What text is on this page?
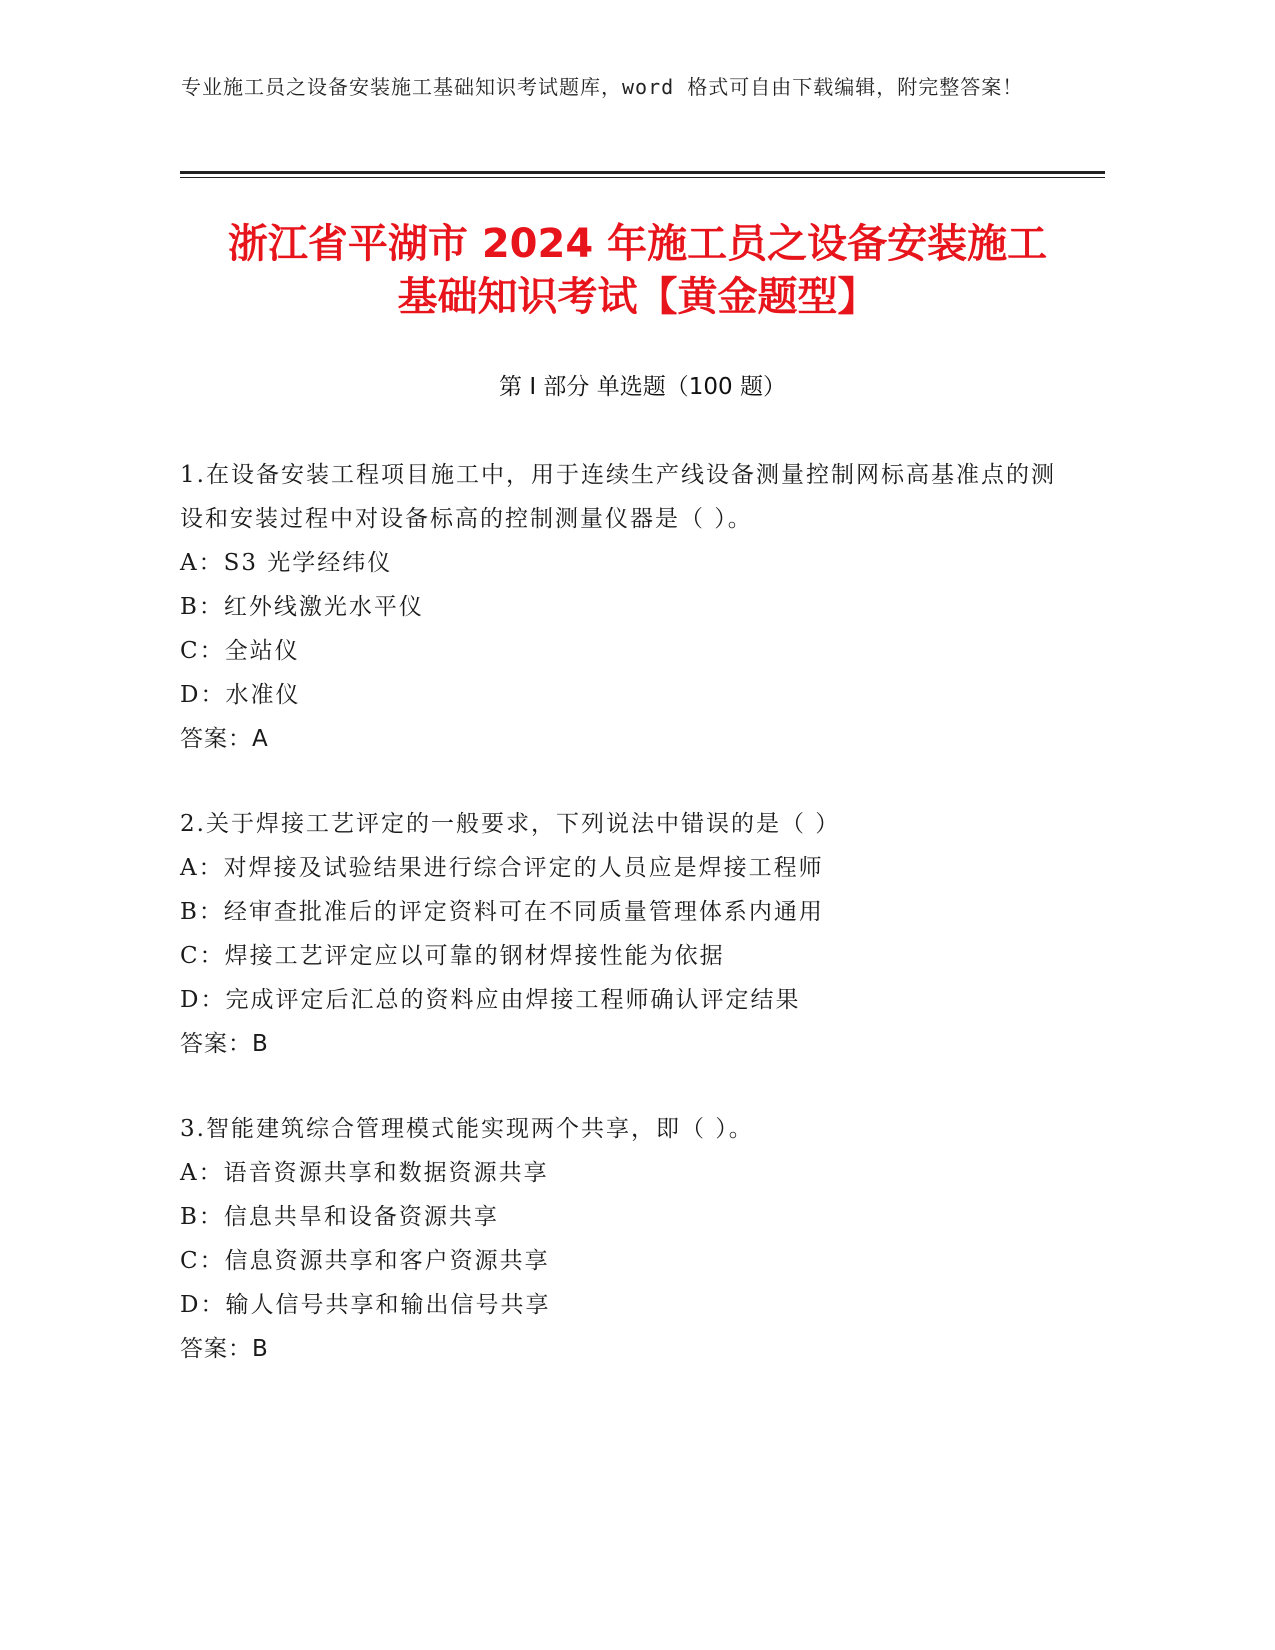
专业施工员之设备安装施工基础知识考试题库，word 格式可自由下载编辑，附完整答案！
浙江省平湖市 2024 年施工员之设备安装施工
基础知识考试【黄金题型】
第 I 部分 单选题（100 题）
1.在设备安装工程项目施工中，用于连续生产线设备测量控制网标高基准点的测设和安装过程中对设备标高的控制测量仪器是（ ）。
A：S3 光学经纬仪
B：红外线激光水平仪
C：全站仪
D：水准仪
答案：A
2.关于焊接工艺评定的一般要求，下列说法中错误的是（ ）
A：对焊接及试验结果进行综合评定的人员应是焊接工程师
B：经审查批准后的评定资料可在不同质量管理体系内通用
C：焊接工艺评定应以可靠的钢材焊接性能为依据
D：完成评定后汇总的资料应由焊接工程师确认评定结果
答案：B
3.智能建筑综合管理模式能实现两个共享，即（ ）。
A：语音资源共享和数据资源共享
B：信息共旱和设备资源共享
C：信息资源共享和客户资源共享
D：输人信号共享和输出信号共享
答案：B
